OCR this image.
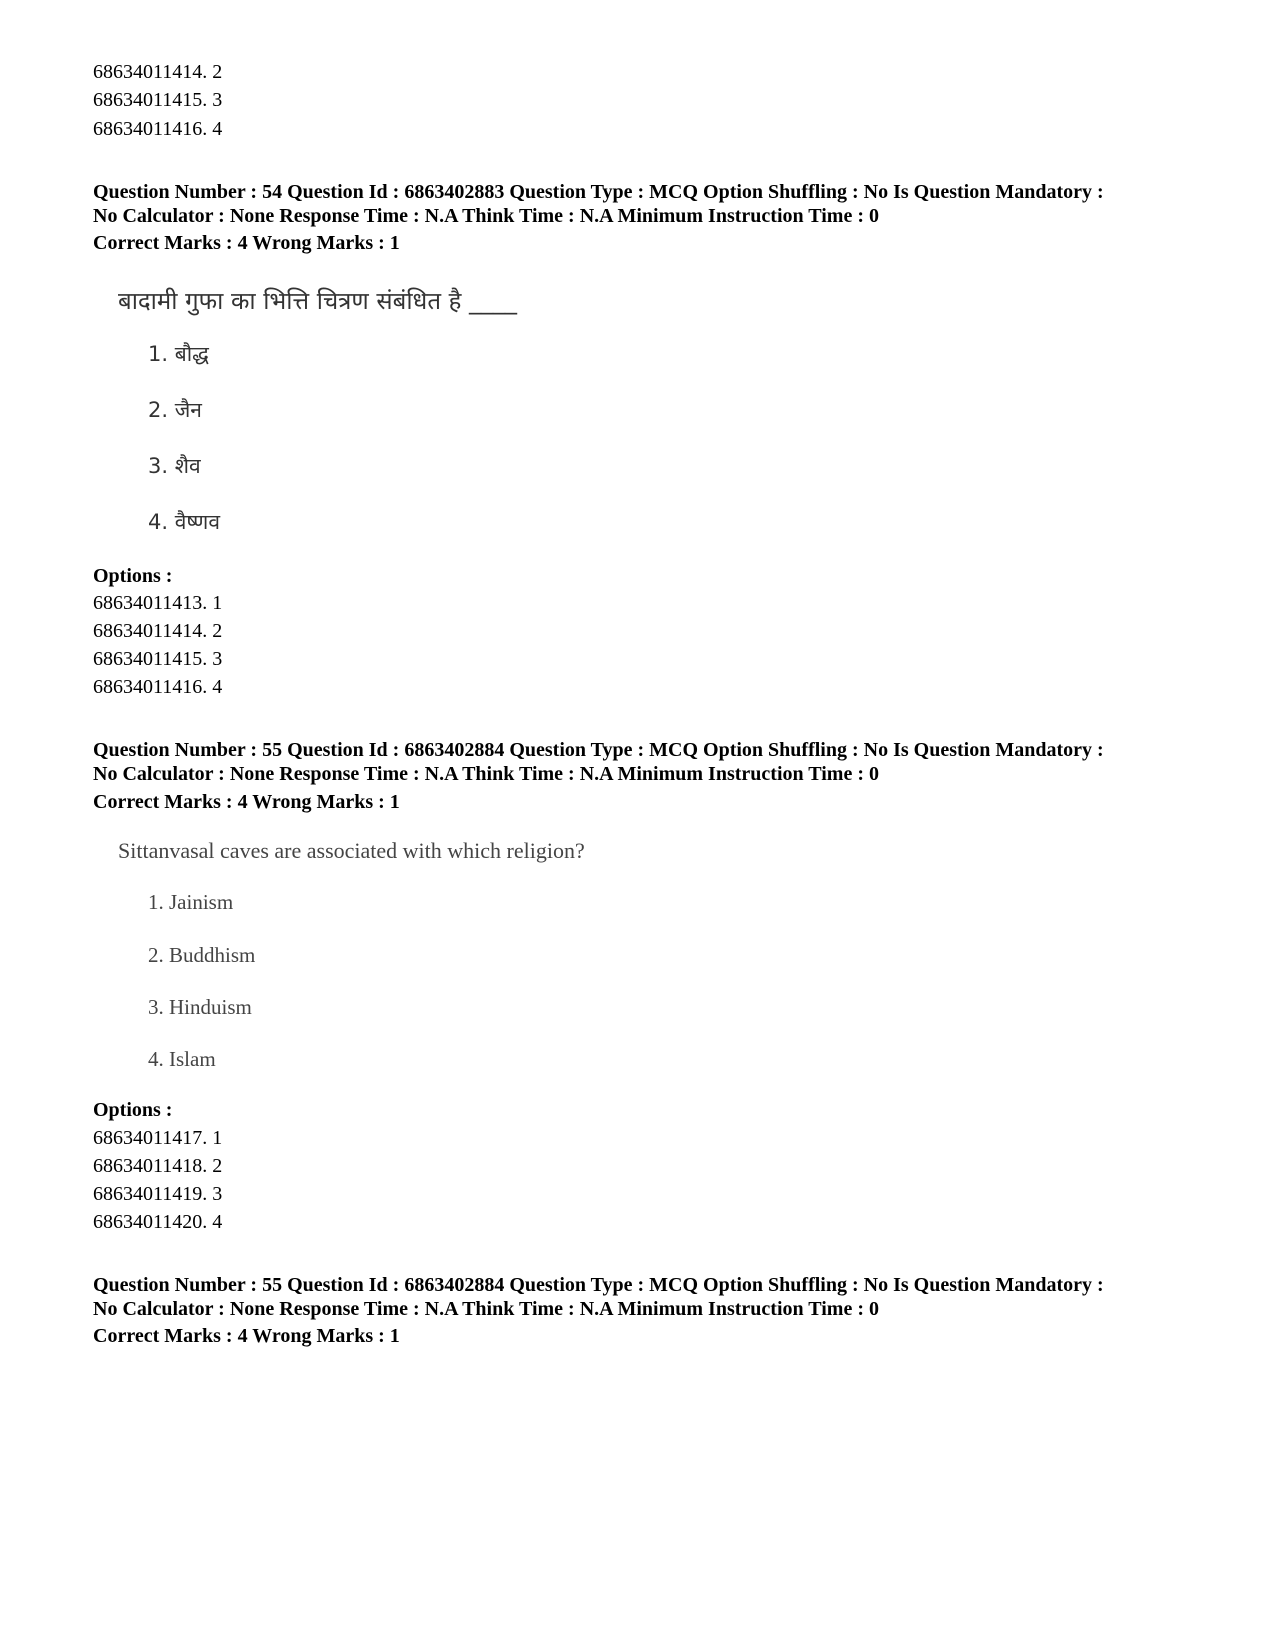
68634011414. 2
68634011415. 3
68634011416. 4
Question Number : 54 Question Id : 6863402883 Question Type : MCQ Option Shuffling : No Is Question Mandatory :
No Calculator : None Response Time : N.A Think Time : N.A Minimum Instruction Time : 0
Correct Marks : 4 Wrong Marks : 1
बादामी गुफा का भित्ति चित्रण संबंधित है ____
1. बौद्ध
2. जैन
3. शैव
4. वैष्णव
Options :
68634011413. 1
68634011414. 2
68634011415. 3
68634011416. 4
Question Number : 55 Question Id : 6863402884 Question Type : MCQ Option Shuffling : No Is Question Mandatory :
No Calculator : None Response Time : N.A Think Time : N.A Minimum Instruction Time : 0
Correct Marks : 4 Wrong Marks : 1
Sittanvasal caves are associated with which religion?
1. Jainism
2. Buddhism
3. Hinduism
4. Islam
Options :
68634011417. 1
68634011418. 2
68634011419. 3
68634011420. 4
Question Number : 55 Question Id : 6863402884 Question Type : MCQ Option Shuffling : No Is Question Mandatory :
No Calculator : None Response Time : N.A Think Time : N.A Minimum Instruction Time : 0
Correct Marks : 4 Wrong Marks : 1
